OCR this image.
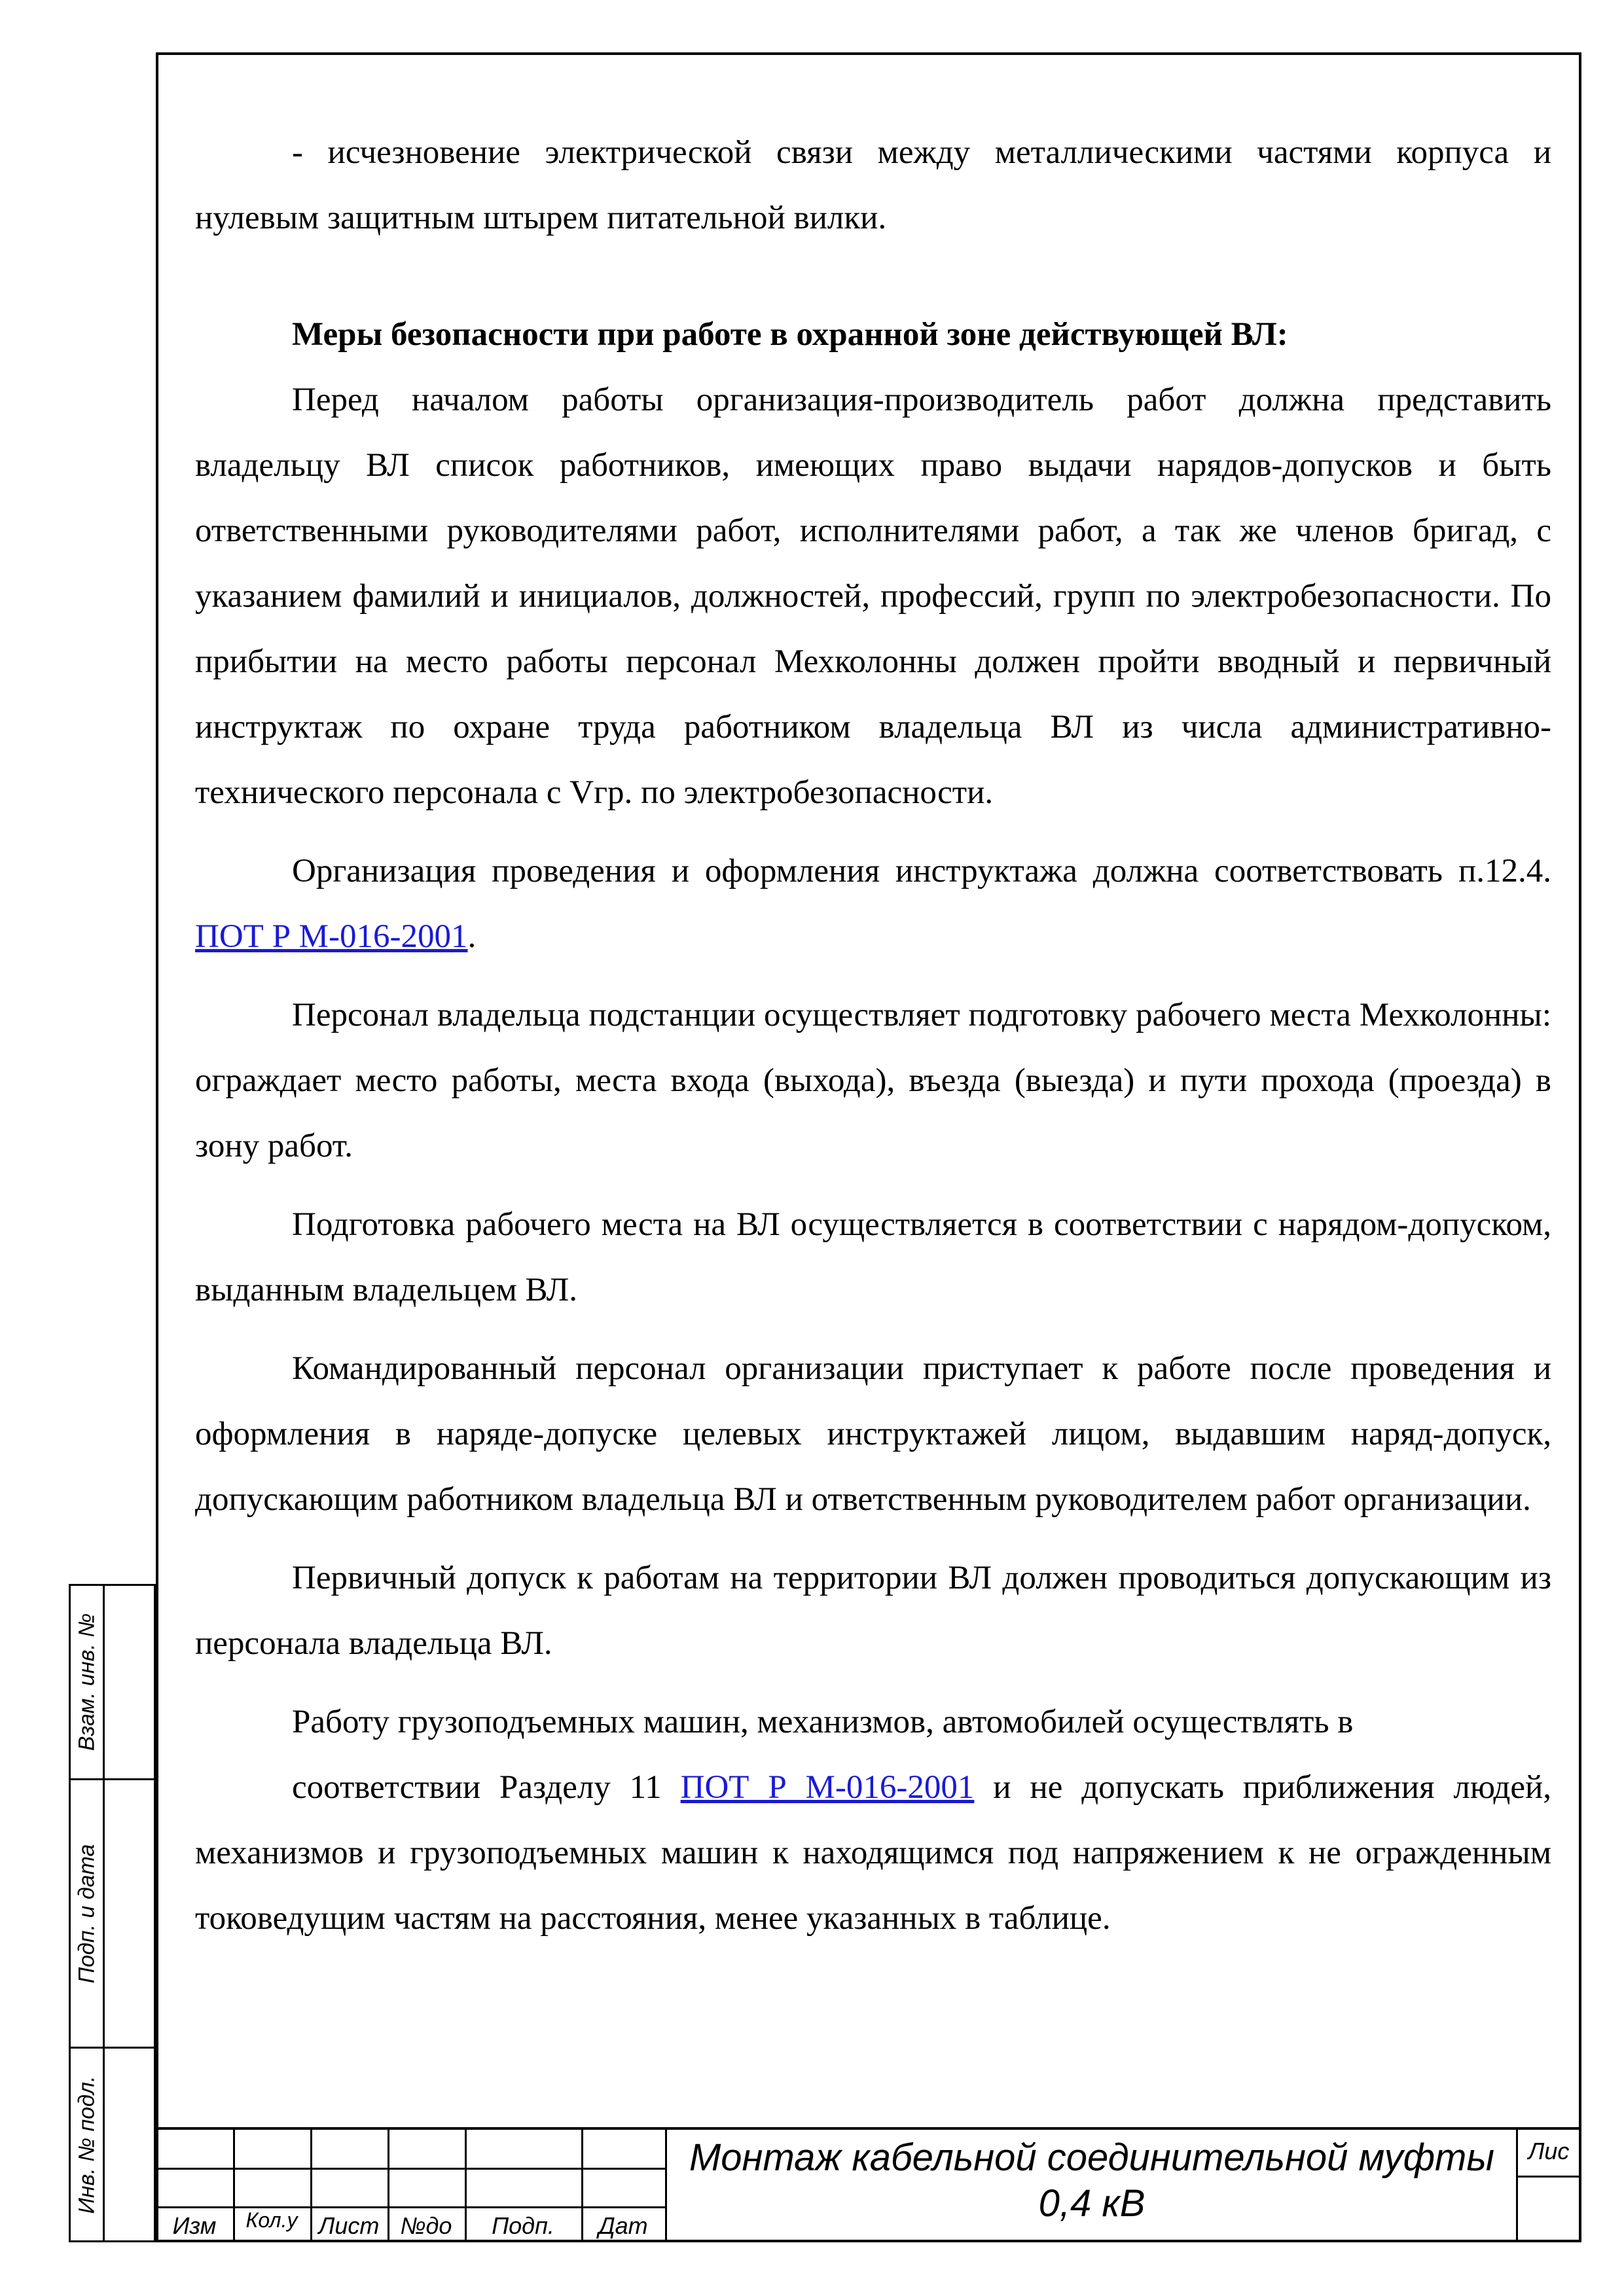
- исчезновение электрической связи между металлическими частями корпуса и нулевым защитным штырем питательной вилки.

Меры безопасности при работе в охранной зоне действующей ВЛ:

Перед началом работы организация-производитель работ должна представить владельцу ВЛ список работников, имеющих право выдачи нарядов-допусков и быть ответственными руководителями работ, исполнителями работ, а так же членов бригад, с указанием фамилий и инициалов, должностей, профессий, групп по электробезопасности. По прибытии на место работы персонал Мехколонны должен пройти вводный и первичный инструктаж по охране труда работником владельца ВЛ из числа административно-технического персонала с Vгр. по электробезопасности.

Организация проведения и оформления инструктажа должна соответствовать п.12.4. ПОТ Р М-016-2001.

Персонал владельца подстанции осуществляет подготовку рабочего места Мехколонны: ограждает место работы, места входа (выхода), въезда (выезда) и пути прохода (проезда) в зону работ.

Подготовка рабочего места на ВЛ осуществляется в соответствии с нарядом-допуском, выданным владельцем ВЛ.

Командированный персонал организации приступает к работе после проведения и оформления в наряде-допуске целевых инструктажей лицом, выдавшим наряд-допуск, допускающим работником владельца ВЛ и ответственным руководителем работ организации.

Первичный допуск к работам на территории ВЛ должен проводиться допускающим из персонала владельца ВЛ.

Работу грузоподъемных машин, механизмов, автомобилей осуществлять в

соответствии Разделу 11 ПОТ Р М-016-2001 и не допускать приближения людей, механизмов и грузоподъемных машин к находящимся под напряжением к не огражденным токоведущим частям на расстояния, менее указанных в таблице.

Взам. инв. №
Подп. и дата
Инв. № подл.
Изм	Кол.у Лист №до	Подп.	Дат
Монтаж кабельной соединительной муфты
0,4 кВ
Лис
